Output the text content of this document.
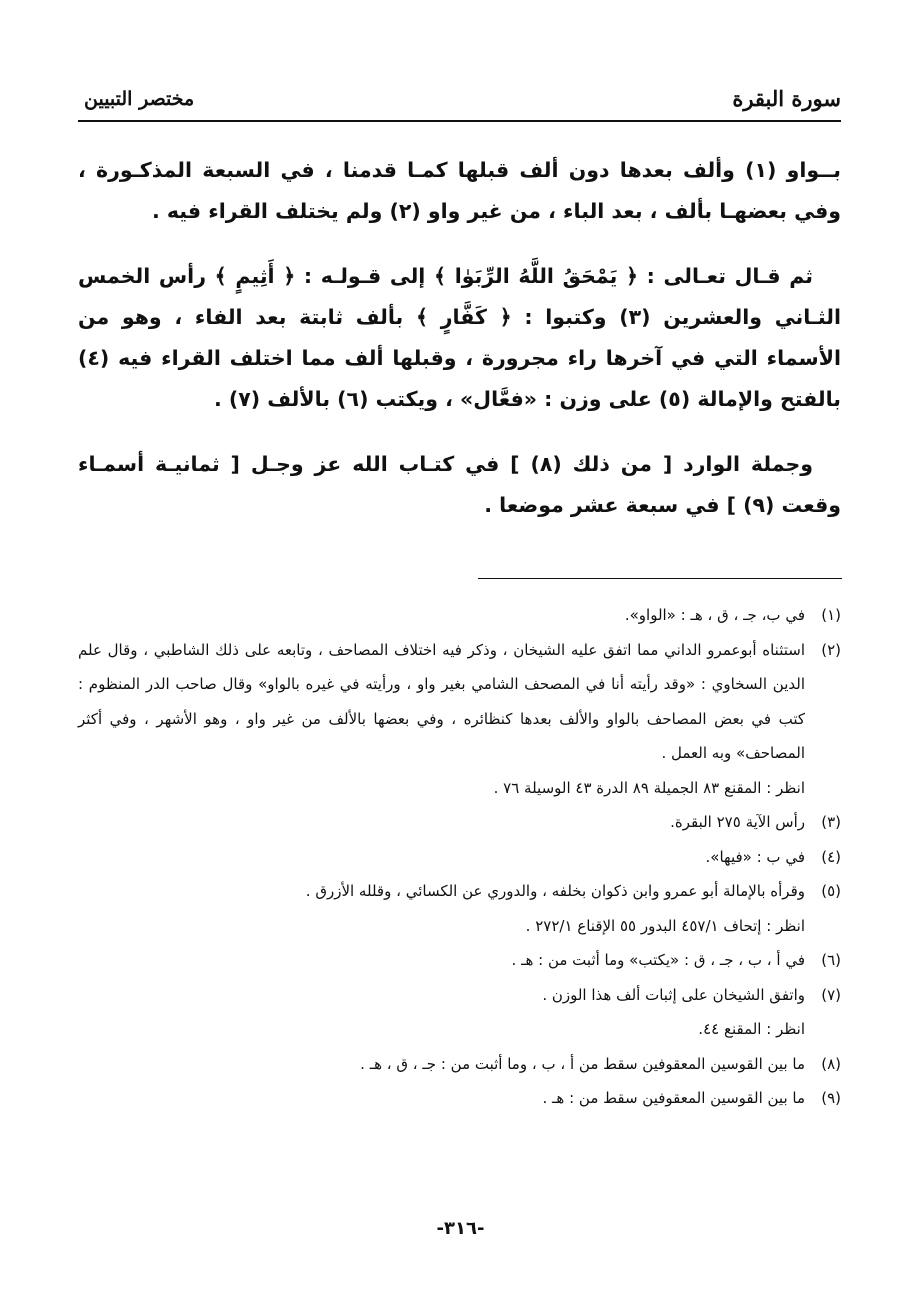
سورة البقرة
مختصر التبيين

بــواو (١) وألف بعدها دون ألف قبلها كمـا قدمنا ، في السبعة المذكـورة ، وفي بعضهـا بألف ، بعد الباء ، من غير واو (٢) ولم يختلف القراء فيه .

ثم قـال تعـالى : ﴿ يَمْحَقُ اللَّهُ الرِّبَوٰا ﴾ إلى قـولـه : ﴿ أَثِيمٍ ﴾ رأس الخمس الثـاني والعشرين (٣) وكتبوا : ﴿ كَفَّارٍ ﴾ بألف ثابتة بعد الفاء ، وهو من الأسماء التي في آخرها راء مجرورة ، وقبلها ألف مما اختلف القراء فيه (٤) بالفتح والإمالة (٥) على وزن : «فعَّال» ، ويكتب (٦) بالألف (٧) .

وجملة الوارد [ من ذلك (٨) ] في كتـاب الله عز وجـل [ ثمانيـة أسمـاء وقعت (٩) ] في سبعة عشر موضعا .

(١)
في ب، جـ ، ق ، هـ : «الواو».
(٢)
استثناه أبوعمرو الداني مما اتفق عليه الشيخان ، وذكر فيه اختلاف المصاحف ، وتابعه على ذلك الشاطبي ، وقال علم الدين السخاوي : «وقد رأيته أنا في المصحف الشامي بغير واو ، ورأيته في غيره بالواو» وقال صاحب الدر المنظوم : كتب في بعض المصاحف بالواو والألف بعدها كنظائره ، وفي بعضها بالألف من غير واو ، وهو الأشهر ، وفي أكثر المصاحف» وبه العمل .
انظر : المقنع ٨٣ الجميلة ٨٩ الدرة ٤٣ الوسيلة ٧٦ .
(٣)
رأس الآية ٢٧٥ البقرة.
(٤)
في ب : «فيها».
(٥)
وقرأه بالإمالة أبو عمرو وابن ذكوان بخلفه ، والدوري عن الكسائي ، وقلله الأزرق .
انظر : إتحاف ٤٥٧/١ البدور ٥٥ الإقناع ٢٧٢/١ .
(٦)
في أ ، ب ، جـ ، ق : «يكتب» وما أثبت من : هـ .
(٧)
واتفق الشيخان على إثبات ألف هذا الوزن .
انظر : المقنع ٤٤.
(٨)
ما بين القوسين المعقوفين سقط من أ ، ب ، وما أثبت من : جـ ، ق ، هـ .
(٩)
ما بين القوسين المعقوفين سقط من : هـ .
-٣١٦-
